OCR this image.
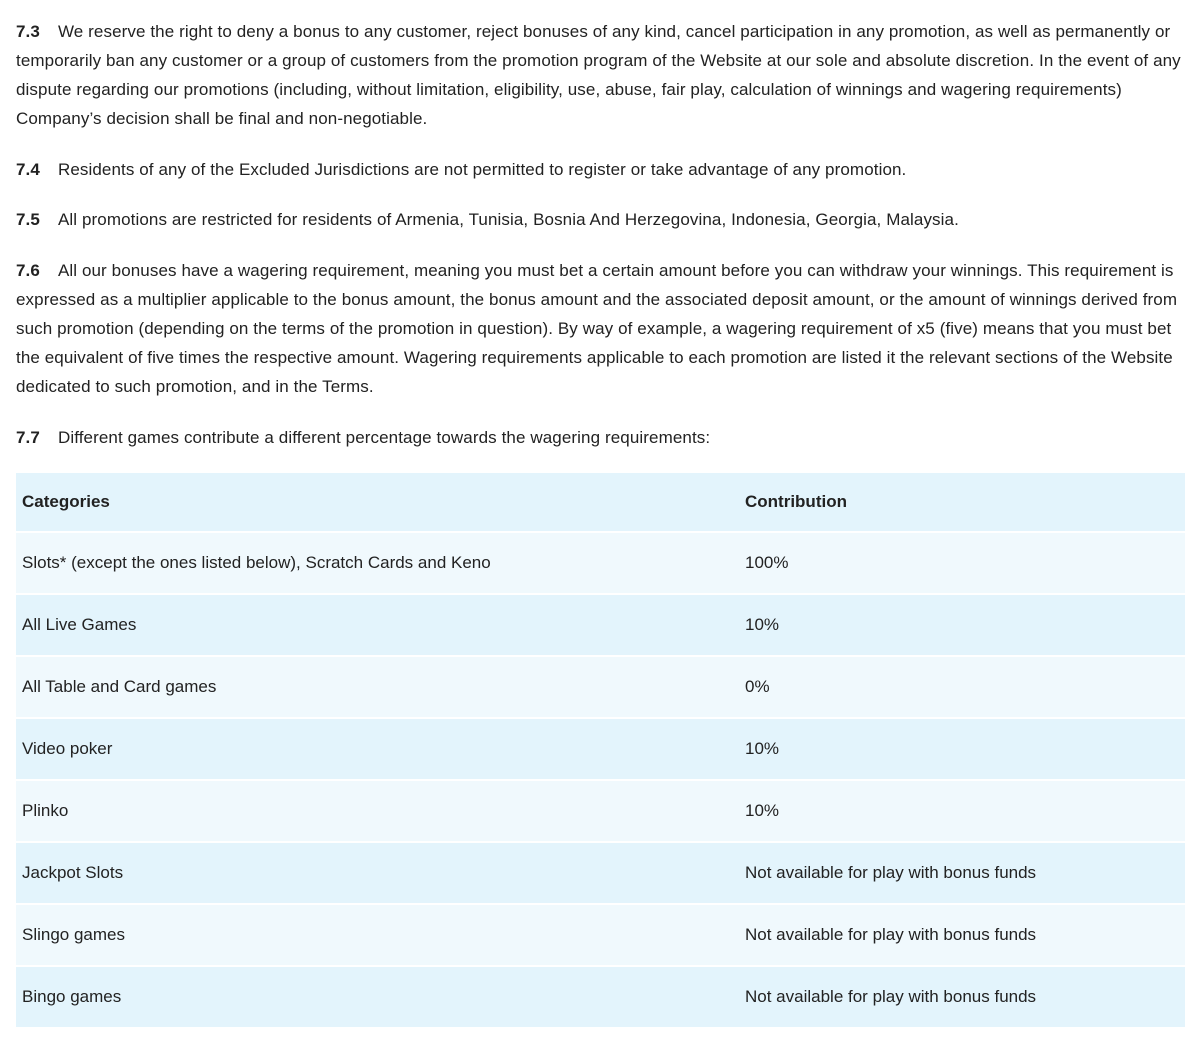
7.3 We reserve the right to deny a bonus to any customer, reject bonuses of any kind, cancel participation in any promotion, as well as permanently or temporarily ban any customer or a group of customers from the promotion program of the Website at our sole and absolute discretion. In the event of any dispute regarding our promotions (including, without limitation, eligibility, use, abuse, fair play, calculation of winnings and wagering requirements) Company’s decision shall be final and non-negotiable.

7.4 Residents of any of the Excluded Jurisdictions are not permitted to register or take advantage of any promotion.

7.5 All promotions are restricted for residents of Armenia, Tunisia, Bosnia And Herzegovina, Indonesia, Georgia, Malaysia.

7.6 All our bonuses have a wagering requirement, meaning you must bet a certain amount before you can withdraw your winnings. This requirement is expressed as a multiplier applicable to the bonus amount, the bonus amount and the associated deposit amount, or the amount of winnings derived from such promotion (depending on the terms of the promotion in question). By way of example, a wagering requirement of x5 (five) means that you must bet the equivalent of five times the respective amount. Wagering requirements applicable to each promotion are listed it the relevant sections of the Website dedicated to such promotion, and in the Terms.

7.7 Different games contribute a different percentage towards the wagering requirements:

Categories	Contribution
Slots* (except the ones listed below), Scratch Cards and Keno	100%
All Live Games	10%
All Table and Card games	0%
Video poker	10%
Plinko	10%
Jackpot Slots	Not available for play with bonus funds
Slingo games	Not available for play with bonus funds
Bingo games	Not available for play with bonus funds
